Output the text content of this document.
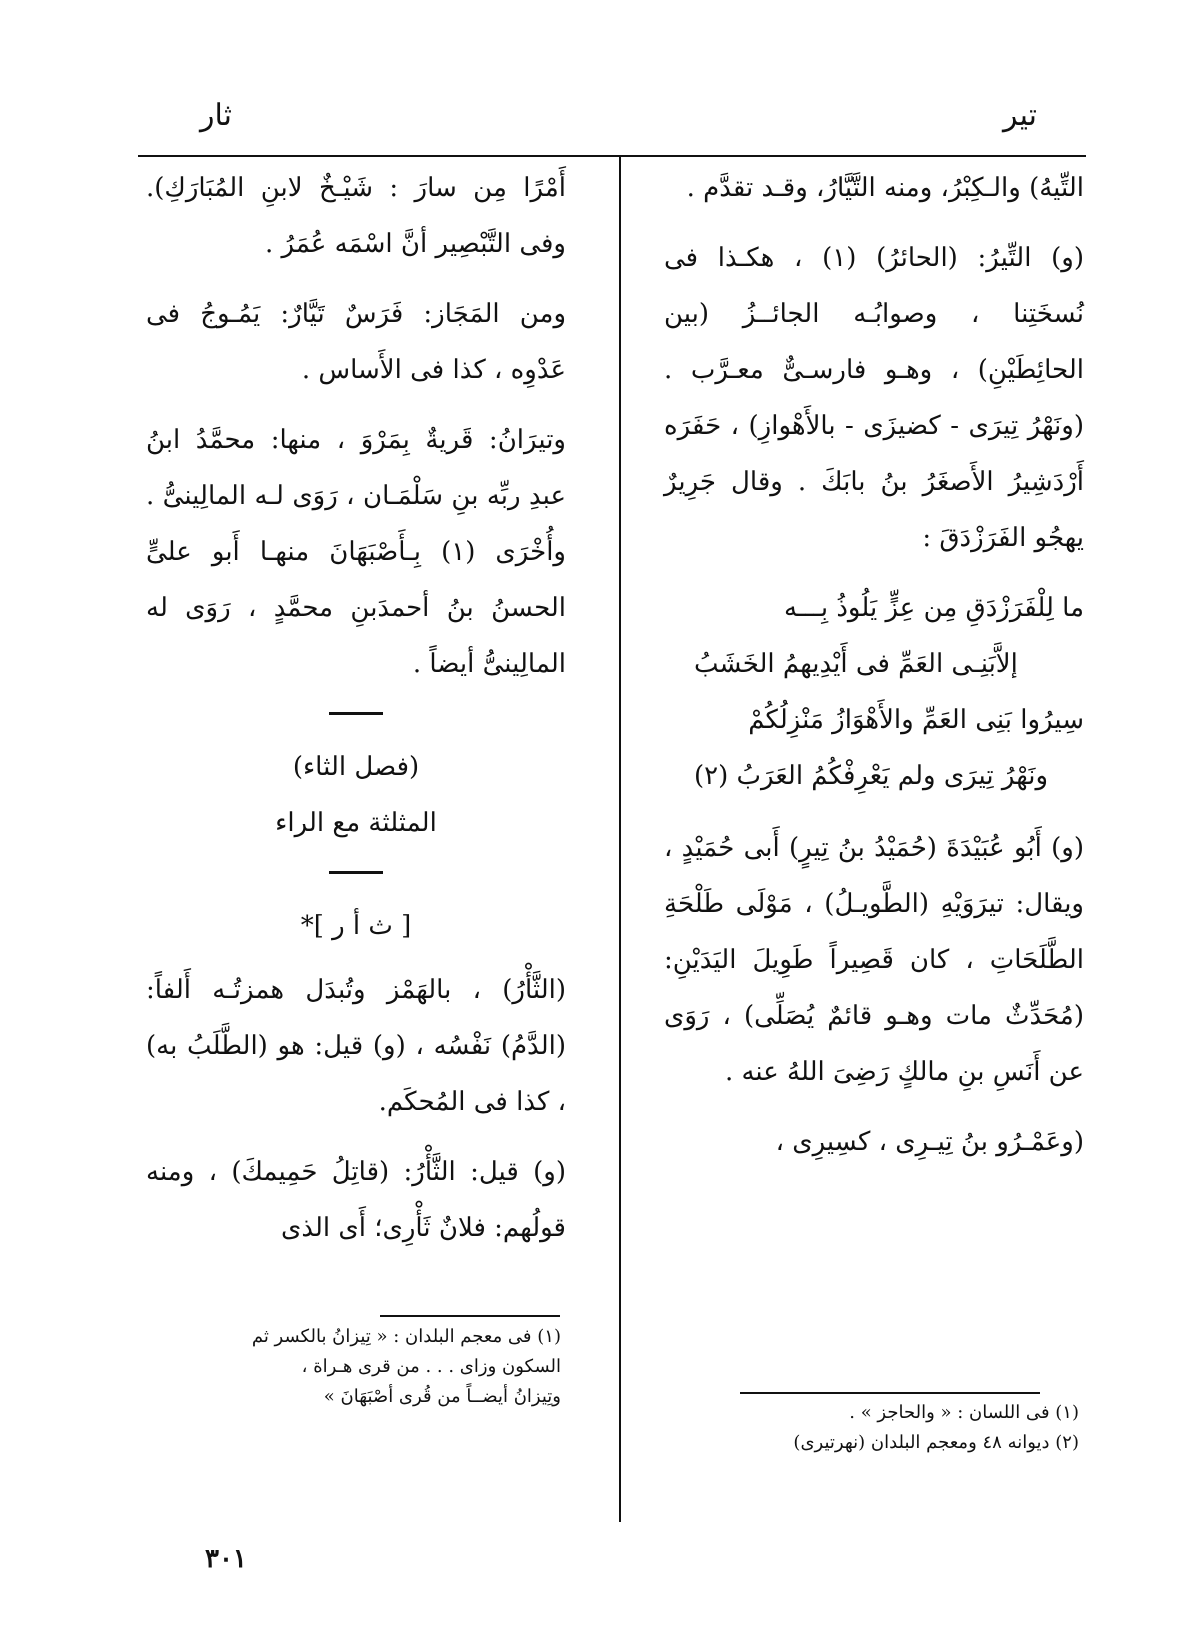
تير
ثار

التِّيهُ) والـكِبْرُ، ومنه التَّيَّارُ، وقـد تقدَّم .

(و) التِّيرُ: (الحائرُ) (١) ، هكـذا فى نُسخَتِنا ، وصوابُـه الجائــزُ (بين الحائِطَيْنِ) ، وهـو فارسـىٌّ معـرَّب . (ونَهْرُ تِيرَى - كضيزَى - بالأَهْوازِ) ، حَفَرَه أَرْدَشِيرُ الأَصغَرُ بنُ بابَكَ . وقال جَرِيرٌ يهجُو الفَرَزْدَقَ :

ما لِلْفَرَزْدَقِ مِن عِزٍّ يَلُوذُ بِـــه

إلاَّبَنِـى العَمِّ فى أَيْدِيهمُ الخَشَبُ

سِيرُوا بَنِى العَمِّ والأَهْوَازُ مَنْزِلُكُمْ

ونَهْرُ تِيرَى ولم يَعْرِفْكُمُ العَرَبُ (٢)

(و) أَبُو عُبَيْدَةَ (حُمَيْدُ بنُ تِيرٍ) أَبى حُمَيْدٍ ، ويقال: تيرَوَيْهِ (الطَّويـلُ) ، مَوْلَى طَلْحَةِ الطَّلَحَاتِ ، كان قَصِيراً طَوِيلَ اليَدَيْنِ: (مُحَدِّثٌ مات وهـو قائمٌ يُصَلِّى) ، رَوَى عن أَنَسِ بنِ مالكٍ رَضِىَ اللهُ عنه .

(وعَمْـرُو بنُ تِيـرِى ، كسِيرِى ،

أَمْرًا مِن سارَ : شَيْـخٌ لابنِ المُبَارَكِ). وفى التَّبْصِير أنَّ اسْمَه عُمَرُ .

ومن المَجَاز: فَرَسٌ تَيَّارٌ: يَمُـوجُ فى عَدْوِه ، كذا فى الأَساس .

وتيرَانُ: قَريةٌ بِمَرْوَ ، منها: محمَّدُ ابنُ عبدِ ربِّه بنِ سَلْمَـان ، رَوَى لـه المالِينىُّ . وأُخْرَى (١) بِـأَصْبَهَانَ منهـا أَبو علىٍّ الحسنُ بنُ أحمدَبنِ محمَّدٍ ، رَوَى له المالِينىُّ أيضاً .

(فصل الثاء)

المثلثة مع الراء

[ ث أ ر ]*

(الثَّأْرُ) ، بالهَمْز وتُبدَل همزتُـه أَلفاً: (الدَّمُ) نَفْسُه ، (و) قيل: هو (الطَّلَبُ به) ، كذا فى المُحكَم.

(و) قيل: الثَّأْرُ: (قاتِلُ حَمِيمكَ) ، ومنه قولُهم: فلانٌ ثَأْرِى؛ أَى الذى

(١) فى معجم البلدان : « تِيزانُ بالكسر ثم

السكون وزاى . . . من قرى هـراة ،

وتِيزانُ أيضــاً من قُرى أصْبَهَانَ »

(١) فى اللسان : « والحاجز » .

(٢) ديوانه ٤٨ ومعجم البلدان (نهرتيرى)

٣٠١
